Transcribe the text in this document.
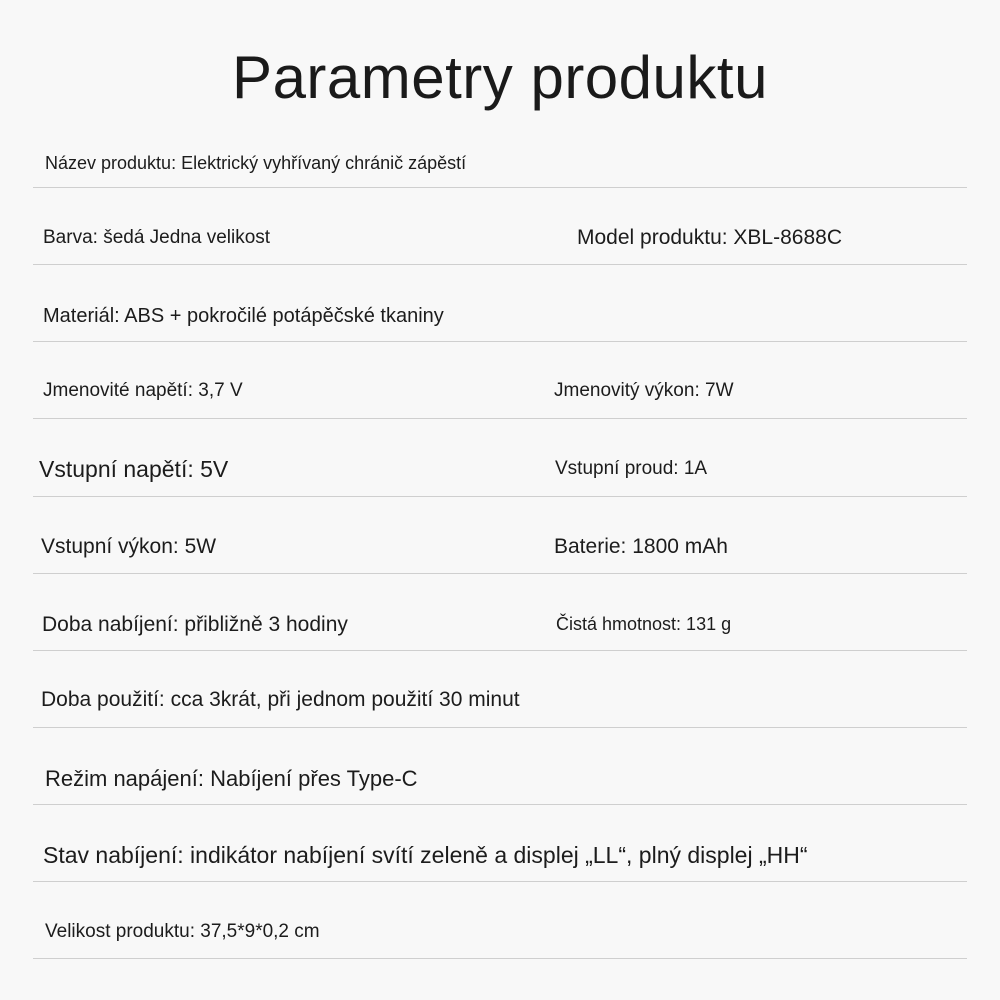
Parametry produktu
Název produktu: Elektrický vyhřívaný chránič zápěstí
Barva: šedá Jedna velikost	Model produktu: XBL-8688C
Materiál: ABS + pokročilé potápěčské tkaniny
Jmenovité napětí: 3,7 V	Jmenovitý výkon: 7W
Vstupní napětí: 5V	Vstupní proud: 1A
Vstupní výkon: 5W	Baterie: 1800 mAh
Doba nabíjení: přibližně 3 hodiny	Čistá hmotnost: 131 g
Doba použití: cca 3krát, při jednom použití 30 minut
Režim napájení: Nabíjení přes Type-C
Stav nabíjení: indikátor nabíjení svítí zeleně a displej „LL“, plný displej „HH“
Velikost produktu: 37,5*9*0,2 cm
